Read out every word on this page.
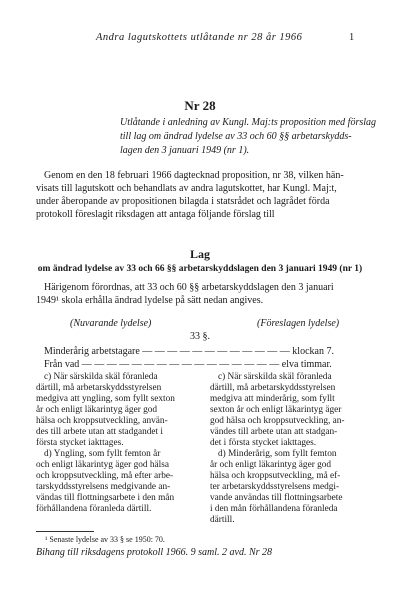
Andra lagutskottets utlåtande nr 28 år 1966	1
Nr 28
Utlåtande i anledning av Kungl. Maj:ts proposition med förslag
till lag om ändrad lydelse av 33 och 60 §§ arbetarskydds-
lagen den 3 januari 1949 (nr 1).
Genom en den 18 februari 1966 dagtecknad proposition, nr 38, vilken hän-
visats till lagutskott och behandlats av andra lagutskottet, har Kungl. Maj:t,
under åberopande av propositionen bilagda i statsrådet och lagrådet förda
protokoll föreslagit riksdagen att antaga följande förslag till
Lag
om ändrad lydelse av 33 och 66 §§ arbetarskyddslagen den 3 januari 1949 (nr 1)
Härigenom förordnas, att 33 och 60 §§ arbetarskyddslagen den 3 januari
1949¹ skola erhålla ändrad lydelse på sätt nedan angives.
(Nuvarande lydelse)	(Föreslagen lydelse)
33 §.
Minderårig arbetstagare — — — — — — — — — — — — klockan 7.
Från vad — — — — — — — — — — — — — — — — elva timmar.
c) När särskilda skäl föranleda
därtill, må arbetarskyddsstyrelsen
medgiva att yngling, som fyllt sexton
år och enligt läkarintyg äger god
hälsa och kroppsutveckling, använ-
des till arbete utan att stadgandet i
första stycket iakttages.
d) Yngling, som fyllt femton år
och enligt läkarintyg äger god hälsa
och kroppsutveckling, må efter arbe-
tarskyddsstyrelsens medgivande an-
vändas till flottningsarbete i den mån
förhållandena föranleda därtill.
c) När särskilda skäl föranleda
därtill, må arbetarskyddsstyrelsen
medgiva att minderårig, som fyllt
sexton år och enligt läkarintyg äger
god hälsa och kroppsutveckling, an-
vändes till arbete utan att stadgan-
det i första stycket iakttages.
d) Minderårig, som fyllt femton
år och enligt läkarintyg äger god
hälsa och kroppsutveckling, må ef-
ter arbetarskyddsstyrelsens medgi-
vande användas till flottningsarbete
i den mån förhållandena föranleda
därtill.
¹ Senaste lydelse av 33 § se 1950: 70.
Bihang till riksdagens protokoll 1966. 9 saml. 2 avd. Nr 28
